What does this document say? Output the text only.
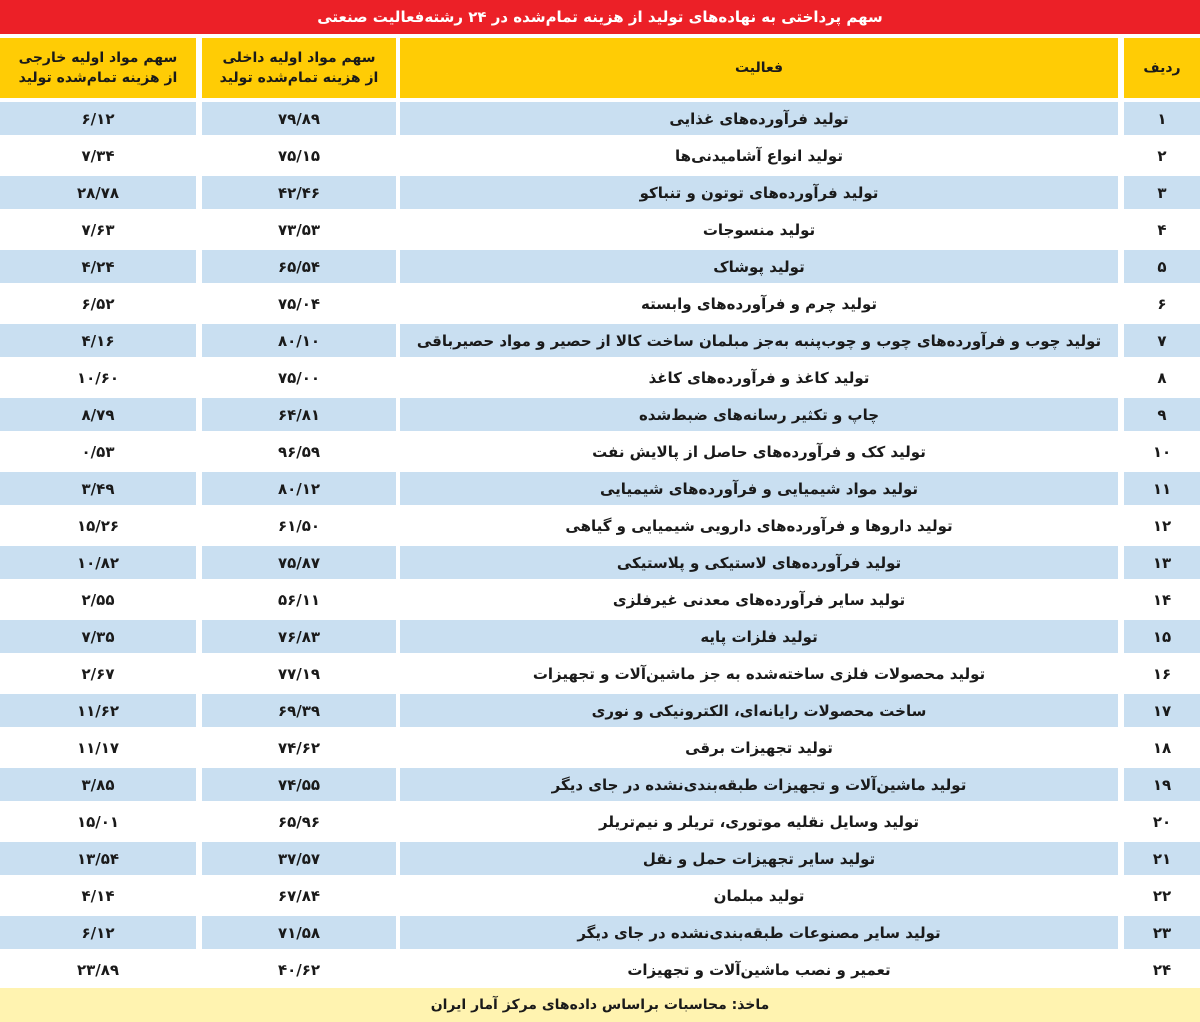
سهم پرداختی به نهاده‌های تولید از هزینه تمام‌شده در ۲۴ رشته‌فعالیت صنعتی
ردیف
فعالیت
سهم مواد اولیه داخلی از هزینه تمام‌شده تولید
سهم مواد اولیه خارجی از هزینه تمام‌شده تولید
۱
تولید فرآورده‌های غذایی
۷۹/۸۹
۶/۱۲
۲
تولید انواع آشامیدنی‌ها
۷۵/۱۵
۷/۳۴
۳
تولید فرآورده‌های توتون و تنباکو
۴۲/۴۶
۲۸/۷۸
۴
تولید منسوجات
۷۳/۵۳
۷/۶۳
۵
تولید پوشاک
۶۵/۵۴
۴/۲۴
۶
تولید چرم و فرآورده‌های وابسته
۷۵/۰۴
۶/۵۲
۷
تولید چوب و فرآورده‌های چوب و چوب‌پنبه به‌جز مبلمان ساخت کالا از حصیر و مواد حصیرباقی
۸۰/۱۰
۴/۱۶
۸
تولید کاغذ و فرآورده‌های کاغذ
۷۵/۰۰
۱۰/۶۰
۹
چاپ و تکثیر رسانه‌های ضبط‌شده
۶۴/۸۱
۸/۷۹
۱۰
تولید کک و فرآورده‌های حاصل از پالایش نفت
۹۶/۵۹
۰/۵۳
۱۱
تولید مواد شیمیایی و فرآورده‌های شیمیایی
۸۰/۱۲
۳/۴۹
۱۲
تولید داروها و فرآورده‌های دارویی شیمیایی و گیاهی
۶۱/۵۰
۱۵/۲۶
۱۳
تولید فرآورده‌های لاستیکی و پلاستیکی
۷۵/۸۷
۱۰/۸۲
۱۴
تولید سایر فرآورده‌های معدنی غیرفلزی
۵۶/۱۱
۲/۵۵
۱۵
تولید فلزات پایه
۷۶/۸۳
۷/۳۵
۱۶
تولید محصولات فلزی ساخته‌شده به جز ماشین‌آلات و تجهیزات
۷۷/۱۹
۲/۶۷
۱۷
ساخت محصولات رایانه‌ای، الکترونیکی و نوری
۶۹/۳۹
۱۱/۶۲
۱۸
تولید تجهیزات برقی
۷۴/۶۲
۱۱/۱۷
۱۹
تولید ماشین‌آلات و تجهیزات طبقه‌بندی‌نشده در جای دیگر
۷۴/۵۵
۳/۸۵
۲۰
تولید وسایل نقلیه موتوری، تریلر و نیم‌تریلر
۶۵/۹۶
۱۵/۰۱
۲۱
تولید سایر تجهیزات حمل و نقل
۳۷/۵۷
۱۳/۵۴
۲۲
تولید مبلمان
۶۷/۸۴
۴/۱۴
۲۳
تولید سایر مصنوعات طبقه‌بندی‌نشده در جای دیگر
۷۱/۵۸
۶/۱۲
۲۴
تعمیر و نصب ماشین‌آلات و تجهیزات
۴۰/۶۲
۲۳/۸۹
ماخذ: محاسبات براساس داده‌های مرکز آمار ایران
